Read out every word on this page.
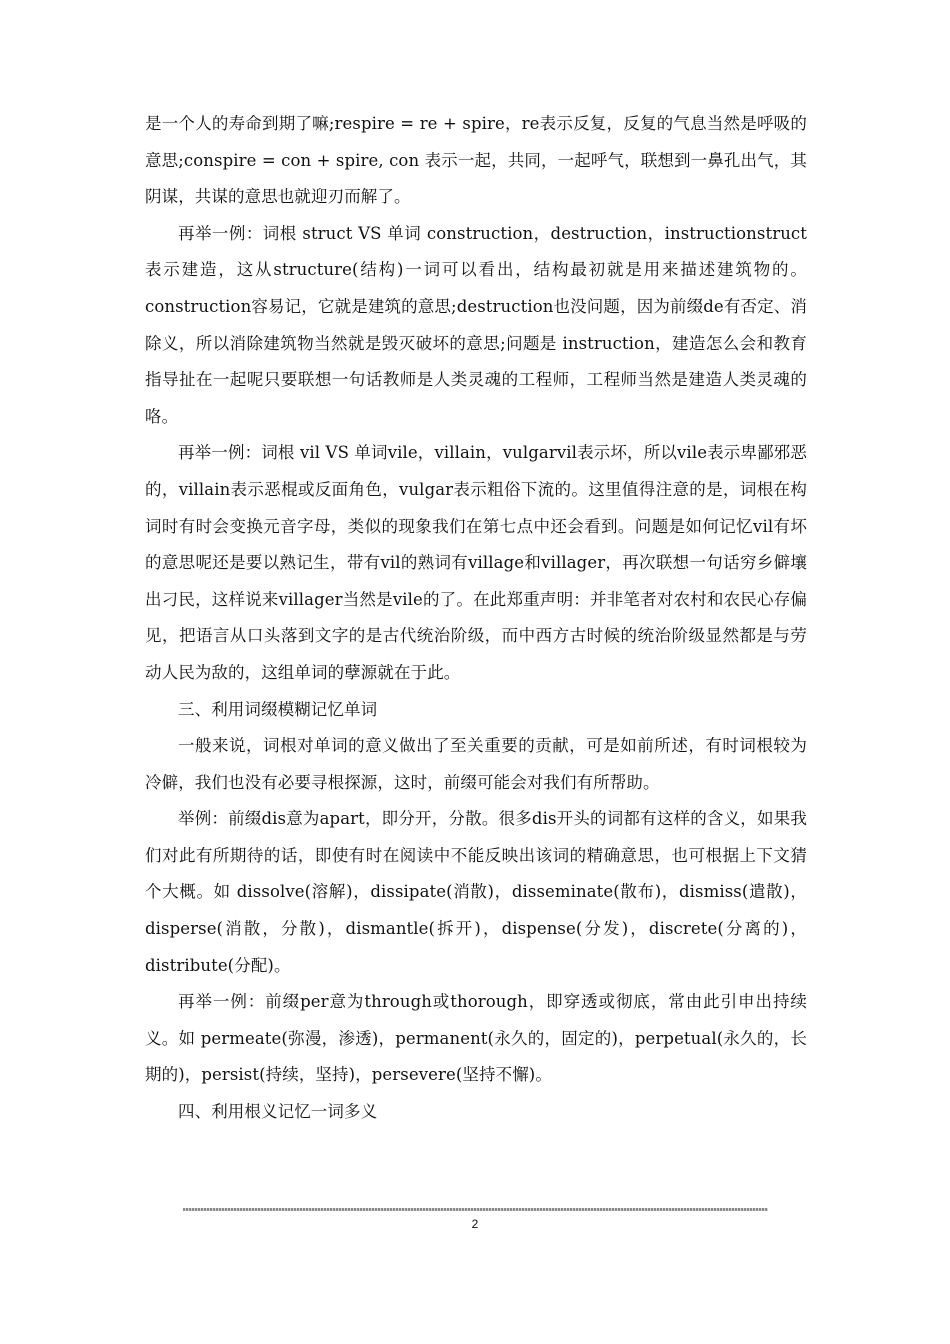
是一个人的寿命到期了嘛;respire = re + spire，re表示反复，反复的气息当然是呼吸的意思;conspire = con + spire, con 表示一起，共同，一起呼气，联想到一鼻孔出气，其阴谋，共谋的意思也就迎刃而解了。

再举一例：词根 struct VS 单词 construction，destruction，instructionstruct表示建造，这从structure(结构)一词可以看出，结构最初就是用来描述建筑物的。construction容易记，它就是建筑的意思;destruction也没问题，因为前缀de有否定、消除义，所以消除建筑物当然就是毁灭破坏的意思;问题是 instruction，建造怎么会和教育指导扯在一起呢只要联想一句话教师是人类灵魂的工程师，工程师当然是建造人类灵魂的咯。

再举一例：词根 vil VS 单词vile，villain，vulgarvil表示坏，所以vile表示卑鄙邪恶的，villain表示恶棍或反面角色，vulgar表示粗俗下流的。这里值得注意的是，词根在构词时有时会变换元音字母，类似的现象我们在第七点中还会看到。问题是如何记忆vil有坏的意思呢还是要以熟记生，带有vil的熟词有village和villager，再次联想一句话穷乡僻壤出刁民，这样说来villager当然是vile的了。在此郑重声明：并非笔者对农村和农民心存偏见，把语言从口头落到文字的是古代统治阶级，而中西方古时候的统治阶级显然都是与劳动人民为敌的，这组单词的孽源就在于此。

三、利用词缀模糊记忆单词

一般来说，词根对单词的意义做出了至关重要的贡献，可是如前所述，有时词根较为冷僻，我们也没有必要寻根探源，这时，前缀可能会对我们有所帮助。

举例：前缀dis意为apart，即分开，分散。很多dis开头的词都有这样的含义，如果我们对此有所期待的话，即使有时在阅读中不能反映出该词的精确意思，也可根据上下文猜个大概。如 dissolve(溶解)，dissipate(消散)，disseminate(散布)，dismiss(遣散)，disperse(消散，分散)，dismantle(拆开)，dispense(分发)，discrete(分离的)，distribute(分配)。

再举一例：前缀per意为through或thorough，即穿透或彻底，常由此引申出持续义。如 permeate(弥漫，渗透)，permanent(永久的，固定的)，perpetual(永久的，长期的)，persist(持续，坚持)，persevere(坚持不懈)。

四、利用根义记忆一词多义

2
